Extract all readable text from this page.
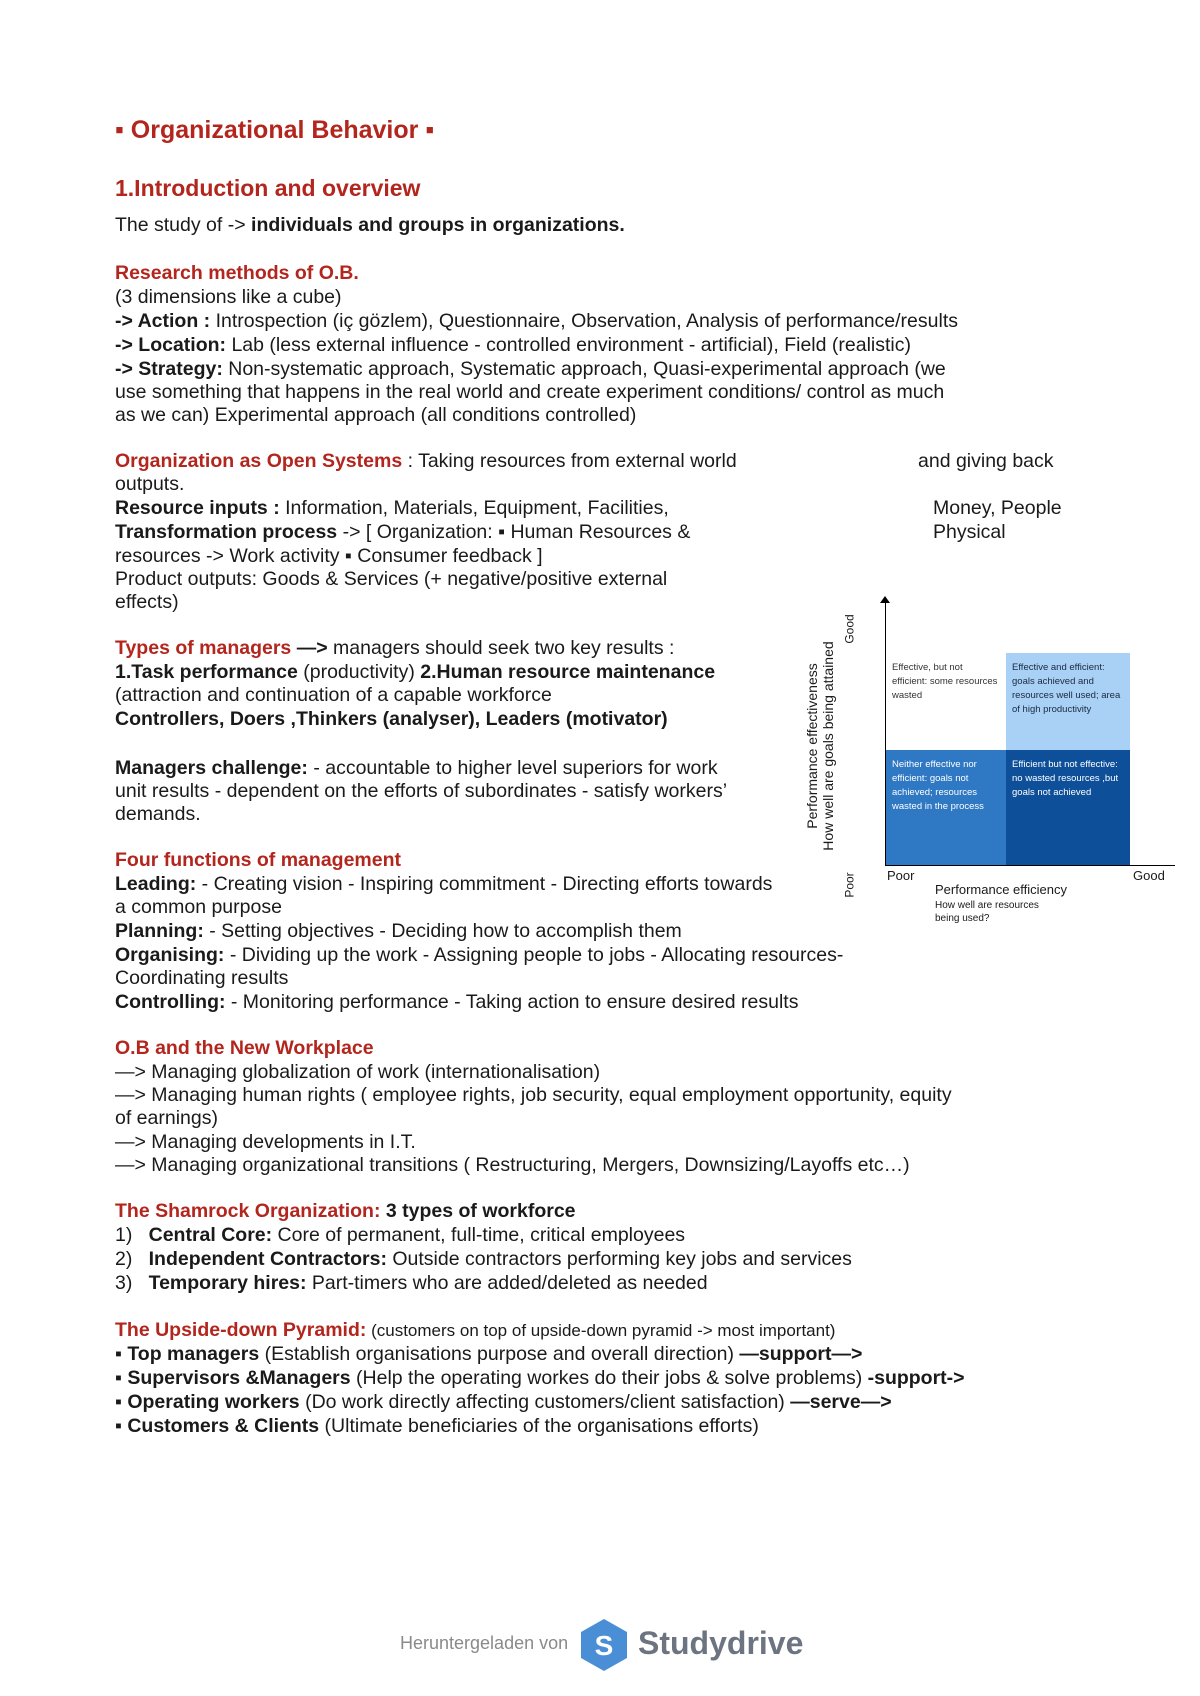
▪ Organizational Behavior ▪
1.Introduction and overview
The study of -> individuals and groups in organizations.
Research methods of O.B.
(3 dimensions like a cube)
-> Action : Introspection (iç gözlem), Questionnaire, Observation, Analysis of performance/results
-> Location: Lab (less external influence - controlled environment - artificial), Field (realistic)
-> Strategy: Non-systematic approach, Systematic approach, Quasi-experimental approach (we
use something that happens in the real world and create experiment conditions/ control as much
as we can) Experimental approach (all conditions controlled)
Organization as Open Systems : Taking resources from external world	and giving back
outputs.
Resource inputs : Information, Materials, Equipment, Facilities,	Money, People
Transformation process -> [ Organization: ▪ Human Resources &	Physical
resources -> Work activity ▪ Consumer feedback ]
Product outputs: Goods & Services (+ negative/positive external
effects)
Types of managers —> managers should seek two key results :
1.Task performance (productivity) 2.Human resource maintenance
(attraction and continuation of a capable workforce
Controllers, Doers ,Thinkers (analyser), Leaders (motivator)
Managers challenge: - accountable to higher level superiors for work
unit results - dependent on the efforts of subordinates - satisfy workers’
demands.
Four functions of management
Leading: - Creating vision - Inspiring commitment - Directing efforts towards
a common purpose
Planning: - Setting objectives - Deciding how to accomplish them
Organising: - Dividing up the work - Assigning people to jobs - Allocating resources-
Coordinating results
Controlling: - Monitoring performance - Taking action to ensure desired results
O.B and the New Workplace
—> Managing globalization of work (internationalisation)
—> Managing human rights ( employee rights, job security, equal employment opportunity, equity
of earnings)
—> Managing developments in I.T.
—> Managing organizational transitions ( Restructuring, Mergers, Downsizing/Layoffs etc…)
The Shamrock Organization: 3 types of workforce
1) Central Core: Core of permanent, full-time, critical employees
2) Independent Contractors: Outside contractors performing key jobs and services
3) Temporary hires: Part-timers who are added/deleted as needed
The Upside-down Pyramid: (customers on top of upside-down pyramid -> most important)
▪ Top managers (Establish organisations purpose and overall direction) —support—>
▪ Supervisors &Managers (Help the operating workes do their jobs & solve problems) -support->
▪ Operating workers (Do work directly affecting customers/client satisfaction) —serve—>
▪ Customers & Clients (Ultimate beneficiaries of the organisations efforts)
Performance effectiveness How well are goals being attained
Good
Poor
Effective, but not efficient: some resources wasted
Effective and efficient: goals achieved and resources well used; area of high productivity
Neither effective nor efficient: goals not achieved; resources wasted in the process
Efficient but not effective: no wasted resources ,but goals not achieved
Poor	Good
Performance efficiency
How well are resources
being used?
Heruntergeladen von S Studydrive
